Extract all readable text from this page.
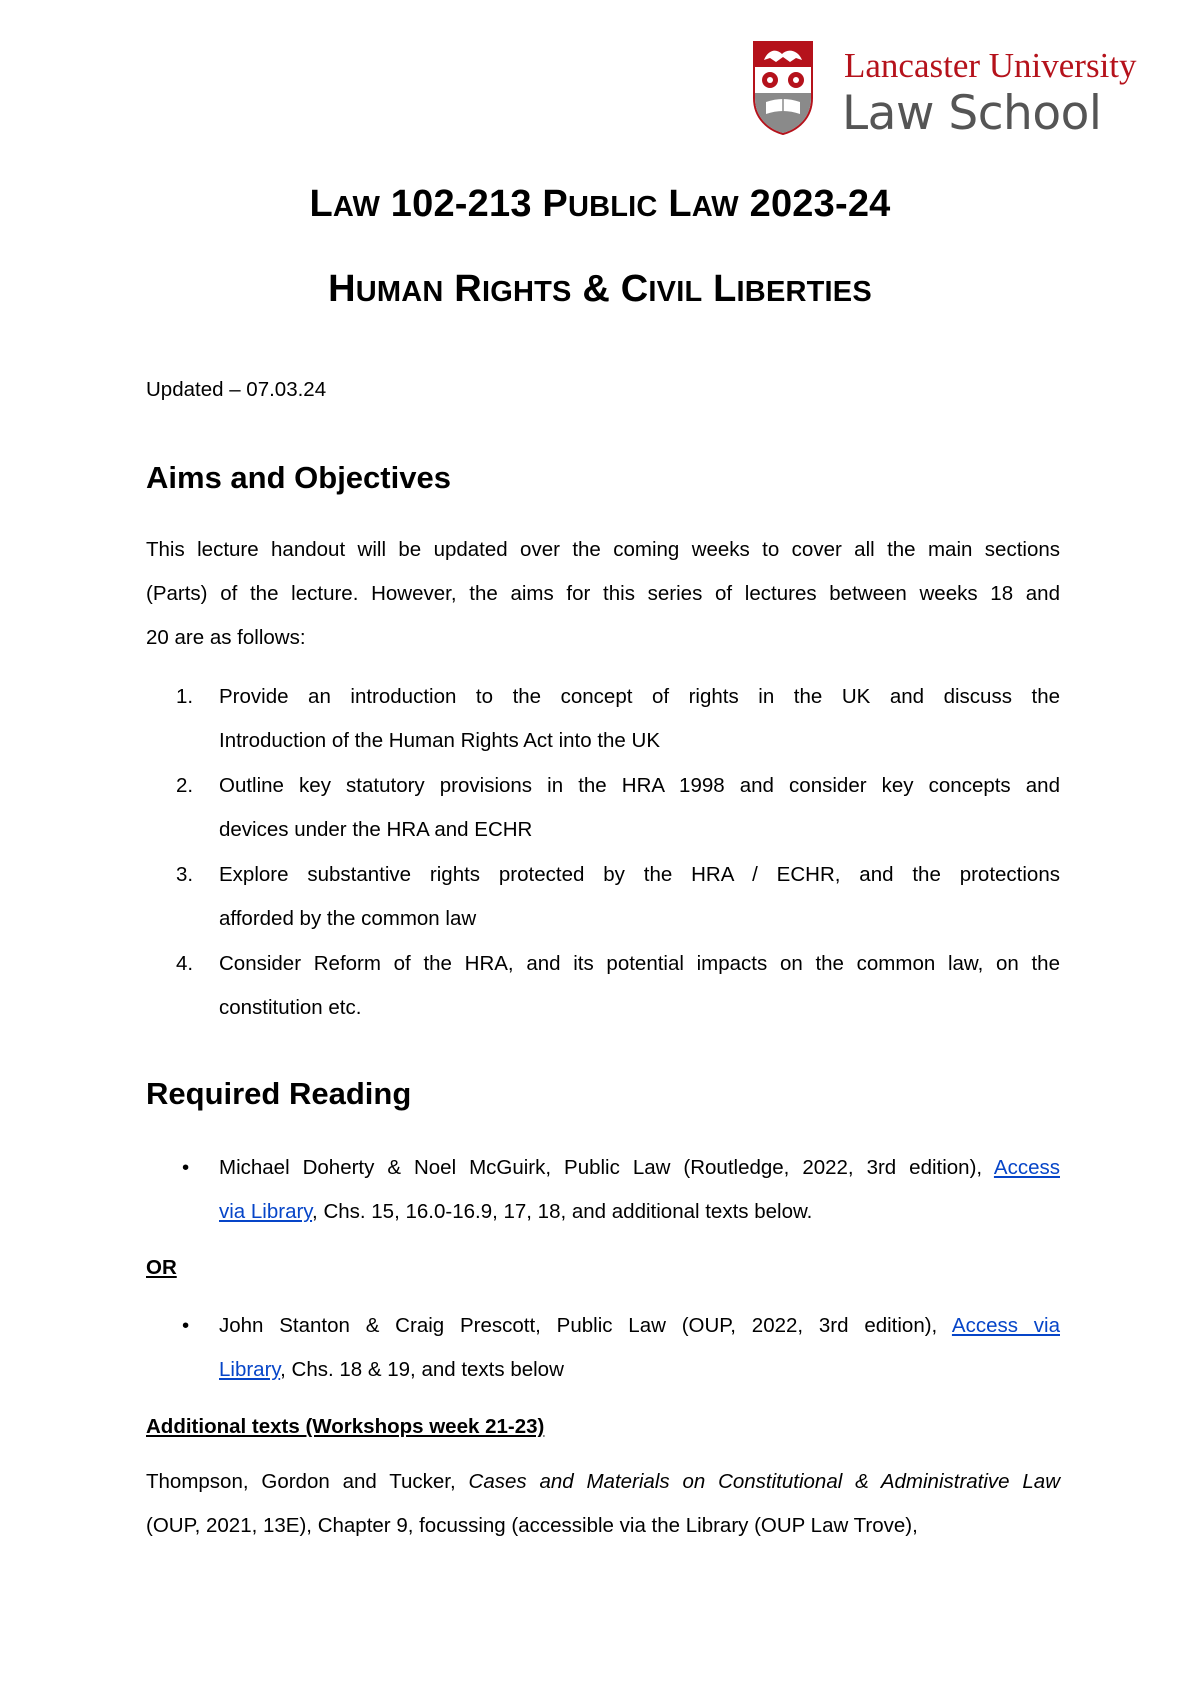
Lancaster University
Law School
LAW 102-213 PUBLIC LAW 2023-24
HUMAN RIGHTS & CIVIL LIBERTIES
Updated – 07.03.24
Aims and Objectives
This lecture handout will be updated over the coming weeks to cover all the main sections
(Parts) of the lecture. However, the aims for this series of lectures between weeks 18 and
20 are as follows:
1. Provide an introduction to the concept of rights in the UK and discuss the
Introduction of the Human Rights Act into the UK
2. Outline key statutory provisions in the HRA 1998 and consider key concepts and
devices under the HRA and ECHR
3. Explore substantive rights protected by the HRA / ECHR, and the protections
afforded by the common law
4. Consider Reform of the HRA, and its potential impacts on the common law, on the
constitution etc.
Required Reading
• Michael Doherty & Noel McGuirk, Public Law (Routledge, 2022, 3rd edition), Access
via Library, Chs. 15, 16.0-16.9, 17, 18, and additional texts below.
OR
• John Stanton & Craig Prescott, Public Law (OUP, 2022, 3rd edition), Access via
Library, Chs. 18 & 19, and texts below
Additional texts (Workshops week 21-23)
Thompson, Gordon and Tucker, Cases and Materials on Constitutional & Administrative Law
(OUP, 2021, 13E), Chapter 9, focussing (accessible via the Library (OUP Law Trove),
